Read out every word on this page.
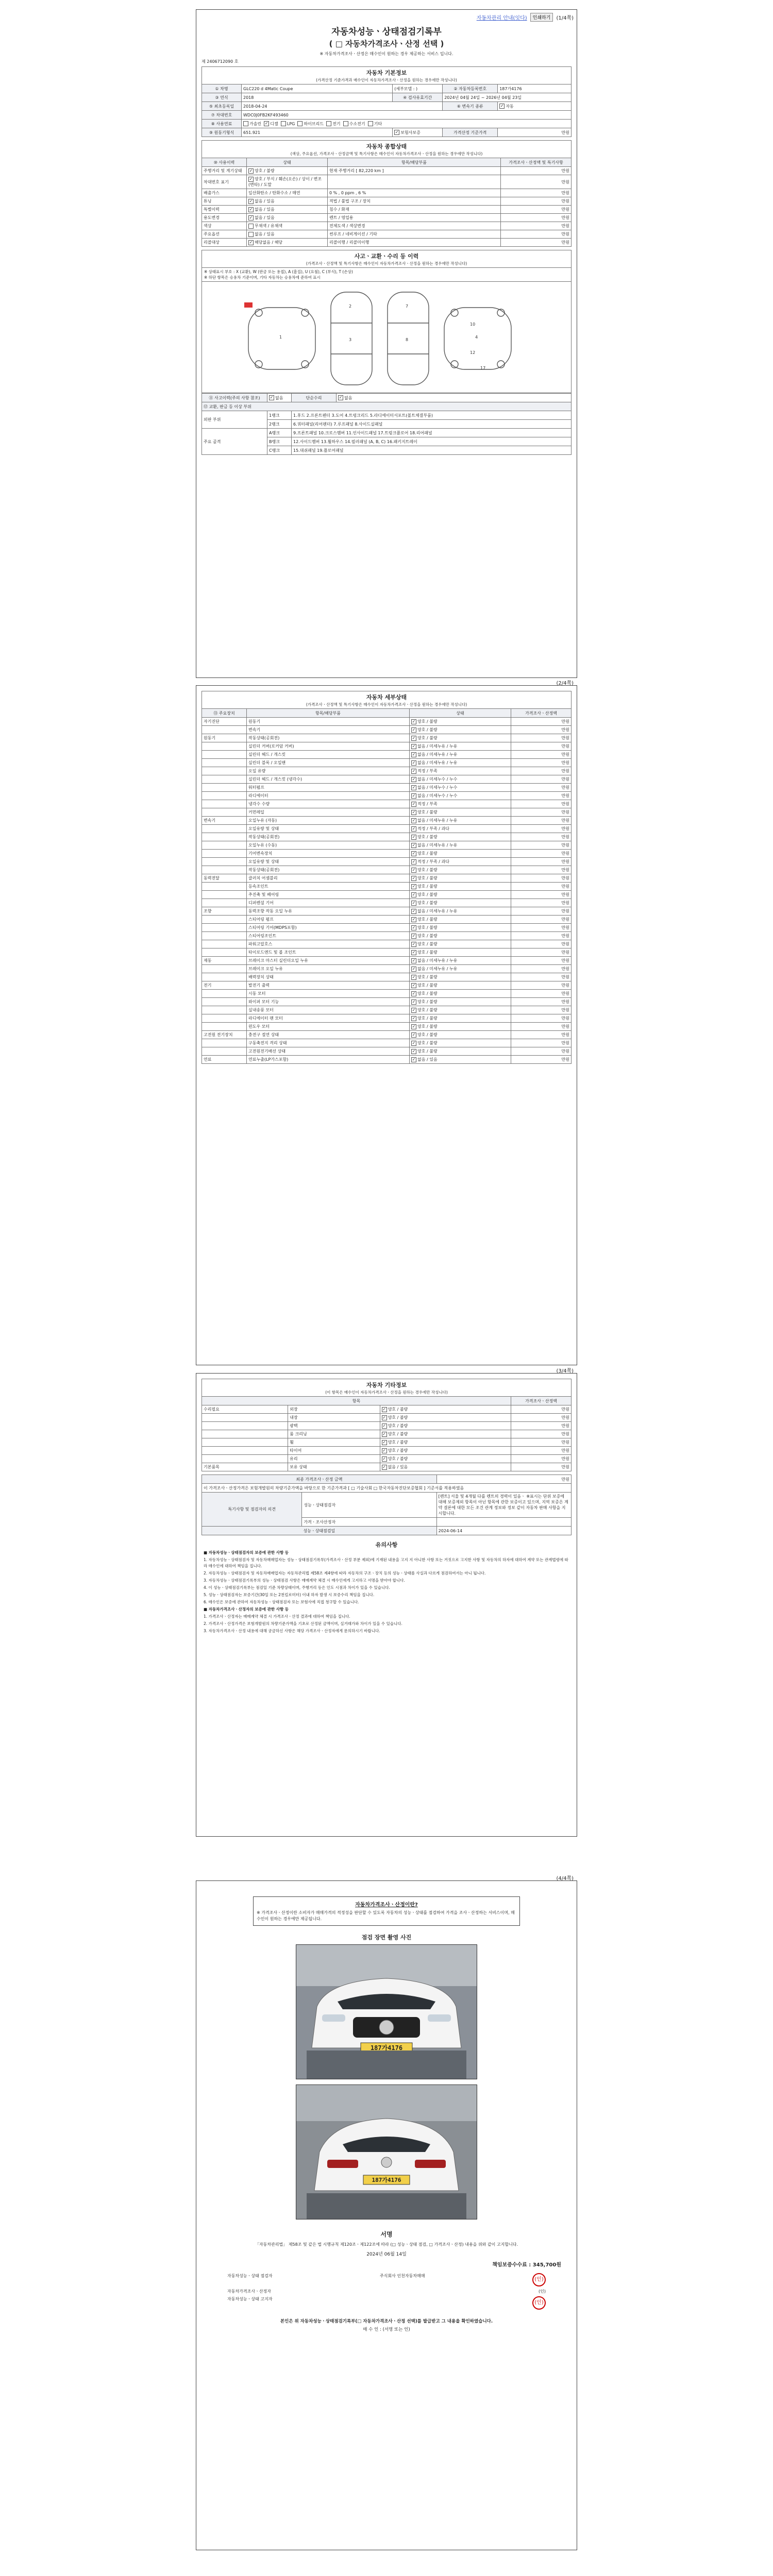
자동차관리 안내(잇다)	인쇄하기	(1/4쪽)
자동차성능ㆍ상태점검기록부
( □ 자동차가격조사ㆍ산정 선택 )
※ 자동차가격조사ㆍ산정은 매수인이 원하는 경우 제공하는 서비스 입니다.
제 2406712090 호
자동차 기본정보
(가격산정 기준가격과 매수인이 자동차가격조사ㆍ산정을 원하는 경우에만 작성니다)
① 차명	GLC220 d 4Matic Coupe	(세부모델 : )	② 자동차등록번호	187가4176
③ 연식	2018	④ 검사유효기간	2024년 04월 24일 ~ 2026년 04월 23일	
⑤ 최초등록일	2018-04-24		⑥ 변속기 종류	✓ 자동
⑦ 차대번호	WDC0J0FB2KF493460			
⑧ 사용연료	가솔린 ✓ 디젤 LPG 하이브리드 전기 수소전기 기타			
⑨ 원동기형식	651.921	✓ 보험사보증	가격산정 기준가격	만원
자동차 종합상태
(색상, 주요옵션, 가격조사ㆍ산정금액 및 특기사항은 매수인이 자동차가격조사ㆍ산정을 원하는 경우에만 작성니다)
⑩ 사용이력	상태	항목/해당부품	가격조사ㆍ산정액 및 특기사항
주행거리 및 계기상태	✓ 양호 / 불량	현재 주행거리 [ 82,220 km ]	만원
차대번호 표기	✓ 양호 / 부식 / 훼손(오손) / 상이 / 변조(변타) / 도말		만원
배출가스	일산화탄소 / 탄화수소 / 매연	0 % , 0 ppm , 6 %	만원
튜닝	✓ 없음 / 있음	적법 / 불법 구조 / 장치	만원
특별이력	✓ 없음 / 있음	침수 / 화재	만원
용도변경	✓ 없음 / 있음	렌트 / 영업용	만원
색상	무채색 / 유채색	전체도색 / 색상변경	만원
주요옵션	없음 / 있음	썬루프 / 네비게이션 / 기타	만원
리콜대상	✓ 해당없음 / 해당	리콜이행 / 리콜미이행	만원
사고ㆍ교환ㆍ수리 등 이력
(가격조사ㆍ산정액 및 특기사항은 매수인이 자동차가격조사ㆍ산정을 원하는 경우에만 작성니다)
※ 상태표시 부호 : X (교환), W (판금 또는 용접), A (흠집), U (요철), C (부식), T (손상)
※ 하단 항목은 승용차 기준이며, 기타 자동차는 승용차에 준하여 표시
1
2
3
7
8
4
10
12
17
⑪ 사고이력(주의 사항 참조)	✓ 없음	단순수리	✓ 없음
⑫ 교환, 판금 등 이상 부위			
외판 부위	1랭크	1.후드 2.프론트펜더 3.도어 4.트렁크리드 5.라디에이터서포트(볼트체결부품)	
	2랭크	6.쿼터패널(리어펜더) 7.루프패널 8.사이드실패널	
주요 골격	A랭크	9.프론트패널 10.크로스멤버 11.인사이드패널 17.트렁크플로어 18.리어패널	
	B랭크	12.사이드멤버 13.휠하우스 14.필러패널 (A, B, C) 16.패키지트레이	
	C랭크	15.대쉬패널 19.플로어패널	
(2/4쪽)
자동차 세부상태
(가격조사ㆍ산정액 및 특기사항은 매수인이 자동차가격조사ㆍ산정을 원하는 경우에만 작성니다)
⑬ 주요장치	항목/해당부품	상태	가격조사ㆍ산정액
자기진단	원동기	✓ 양호 / 불량	만원
	변속기	✓ 양호 / 불량	만원
원동기	작동상태(공회전)	✓ 양호 / 불량	만원
	실린더 커버(로커암 커버)	✓ 없음 / 미세누유 / 누유	만원
	실린더 헤드 / 개스킷	✓ 없음 / 미세누유 / 누유	만원
	실린더 블록 / 오일팬	✓ 없음 / 미세누유 / 누유	만원
	오일 유량	✓ 적정 / 부족	만원
	실린더 헤드 / 개스킷 (냉각수)	✓ 없음 / 미세누수 / 누수	만원
	워터펌프	✓ 없음 / 미세누수 / 누수	만원
	라디에이터	✓ 없음 / 미세누수 / 누수	만원
	냉각수 수량	✓ 적정 / 부족	만원
	커먼레일	✓ 양호 / 불량	만원
변속기	오일누유 (자동)	✓ 없음 / 미세누유 / 누유	만원
	오일유량 및 상태	✓ 적정 / 부족 / 과다	만원
	작동상태(공회전)	✓ 양호 / 불량	만원
	오일누유 (수동)	✓ 없음 / 미세누유 / 누유	만원
	기어변속장치	✓ 양호 / 불량	만원
	오일유량 및 상태	✓ 적정 / 부족 / 과다	만원
	작동상태(공회전)	✓ 양호 / 불량	만원
동력전달	클러치 어셈블리	✓ 양호 / 불량	만원
	등속조인트	✓ 양호 / 불량	만원
	추진축 및 베어링	✓ 양호 / 불량	만원
	디퍼렌셜 기어	✓ 양호 / 불량	만원
조향	동력조향 작동 오일 누유	✓ 없음 / 미세누유 / 누유	만원
	스티어링 펌프	✓ 양호 / 불량	만원
	스티어링 기어(MDPS포함)	✓ 양호 / 불량	만원
	스티어링조인트	✓ 양호 / 불량	만원
	파워고압호스	✓ 양호 / 불량	만원
	타이로드엔드 및 볼 조인트	✓ 양호 / 불량	만원
제동	브레이크 마스터 실린더오일 누유	✓ 없음 / 미세누유 / 누유	만원
	브레이크 오일 누유	✓ 없음 / 미세누유 / 누유	만원
	배력장치 상태	✓ 양호 / 불량	만원
전기	발전기 출력	✓ 양호 / 불량	만원
	시동 모터	✓ 양호 / 불량	만원
	와이퍼 모터 기능	✓ 양호 / 불량	만원
	실내송풍 모터	✓ 양호 / 불량	만원
	라디에이터 팬 모터	✓ 양호 / 불량	만원
	윈도우 모터	✓ 양호 / 불량	만원
고전원 전기장치	충전구 절연 상태	✓ 양호 / 불량	만원
	구동축전지 격리 상태	✓ 양호 / 불량	만원
	고전원전기배선 상태	✓ 양호 / 불량	만원
연료	연료누출(LP가스포함)	✓ 없음 / 있음	만원
(3/4쪽)
자동차 기타정보
(이 항목은 매수인이 자동차가격조사ㆍ산정을 원하는 경우에만 작성니다)
항목			가격조사ㆍ산정액
수리필요	외장	✓ 양호 / 불량	만원
	내장	✓ 양호 / 불량	만원
	광택	✓ 양호 / 불량	만원
	룸 크리닝	✓ 양호 / 불량	만원
	휠	✓ 양호 / 불량	만원
	타이어	✓ 양호 / 불량	만원
	유리	✓ 양호 / 불량	만원
기본품목	보유 상태	✓ 없음 / 있음	만원
최종 가격조사ㆍ산정 금액		만원
이 가격조사ㆍ산정가격은 보험개발원의 차량기준가액을 바탕으로 한 기준가격과 [ □ 기술사회 □ 한국자동차진단보증협회 ] 기준서를 적용하였음		
특기사항 및 점검자의 의견	성능ㆍ상태점검자	[렌트] 서울 및 4개월 다를 렌트의 경력이 있음ㆍ ※표시는 단위 보증에 대해 보증제외 항목이 아닌 항목에 관한 보증이고 있으며, 지역 보증은 계약 결론에 대한 모든 조건 관계 정보와 정보 같이 자동차 판매 사항을 지시합니다.
	가격ㆍ조사산정자	
성능ㆍ상태점검일		2024-06-14
유의사항

■ 자동차성능ㆍ상태점검자의 보증에 관한 사항 등

1. 자동차성능ㆍ상태점검자 및 자동차매매업자는 성능ㆍ상태점검기록부(가격조사ㆍ산정 부분 제외)에 기재된 내용을 고지 지 아니한 사항 또는 거짓으로 고지한 사항 및 자동차의 하자에 대하여 계약 또는 관계법령에 따라 매수인에 대하여 책임을 집니다.

2. 자동차성능ㆍ상태점검자 및 자동차매매업자는 자동차관리법 제58조 제4항에 따라 자동차의 구조ㆍ장치 등의 성능ㆍ상태를 사실과 다르게 점검하여서는 아니 됩니다.

3. 자동차성능ㆍ상태점검기록부의 성능ㆍ상태점검 사항은 매매계약 체결 시 매수인에게 고지하고 서명을 받아야 합니다.

4. 이 성능ㆍ상태점검기록부는 점검일 기준 차량상태이며, 주행거리 등은 인도 시점과 차이가 있을 수 있습니다.

5. 성능ㆍ상태점검자는 보증기간(30일 또는 2천킬로미터) 이내 하자 발생 시 보증수리 책임을 집니다.

6. 매수인은 보증에 관하여 자동차성능ㆍ상태점검자 또는 보험사에 직접 청구할 수 있습니다.

■ 자동차가격조사ㆍ산정자의 보증에 관한 사항 등

1. 가격조사ㆍ산정자는 매매계약 체결 시 가격조사ㆍ산정 결과에 대하여 책임을 집니다.

2. 가격조사ㆍ산정가격은 보험개발원의 차량기준가액을 기초로 산정된 금액이며, 실거래가와 차이가 있을 수 있습니다.

3. 자동차가격조사ㆍ산정 내용에 대해 궁금하신 사항은 해당 가격조사ㆍ산정자에게 문의하시기 바랍니다.

(4/4쪽)
자동차가격조사ㆍ산정이란?
※ 가격조사ㆍ산정이란 소비자가 매매가격의 적정성을 판단할 수 있도록 자동차의 성능ㆍ상태를 점검하여 가격을 조사ㆍ산정하는 서비스이며, 매수인이 원하는 경우에만 제공됩니다.
점검 장면 촬영 사진
187가4176
187가4176
서명
「자동차관리법」 제58조 및 같은 법 시행규칙 제120조ㆍ제122조에 따라 (□ 성능ㆍ상태 점검, □ 가격조사ㆍ산정) 내용을 위와 같이 고지합니다.
2024년 06월 14일
책임보증수수료 : 345,700원
자동차성능ㆍ상태 점검자	주식회사 인천자동차매매
(인)
자동차가격조사ㆍ산정자	(인)
자동차성능ㆍ상태 고지자
(인)
본인은 위 자동차성능ㆍ상태점검기록부(□ 자동차가격조사ㆍ산정 선택)를 발급받고 그 내용을 확인하였습니다.
매 수 인 : (서명 또는 인)
